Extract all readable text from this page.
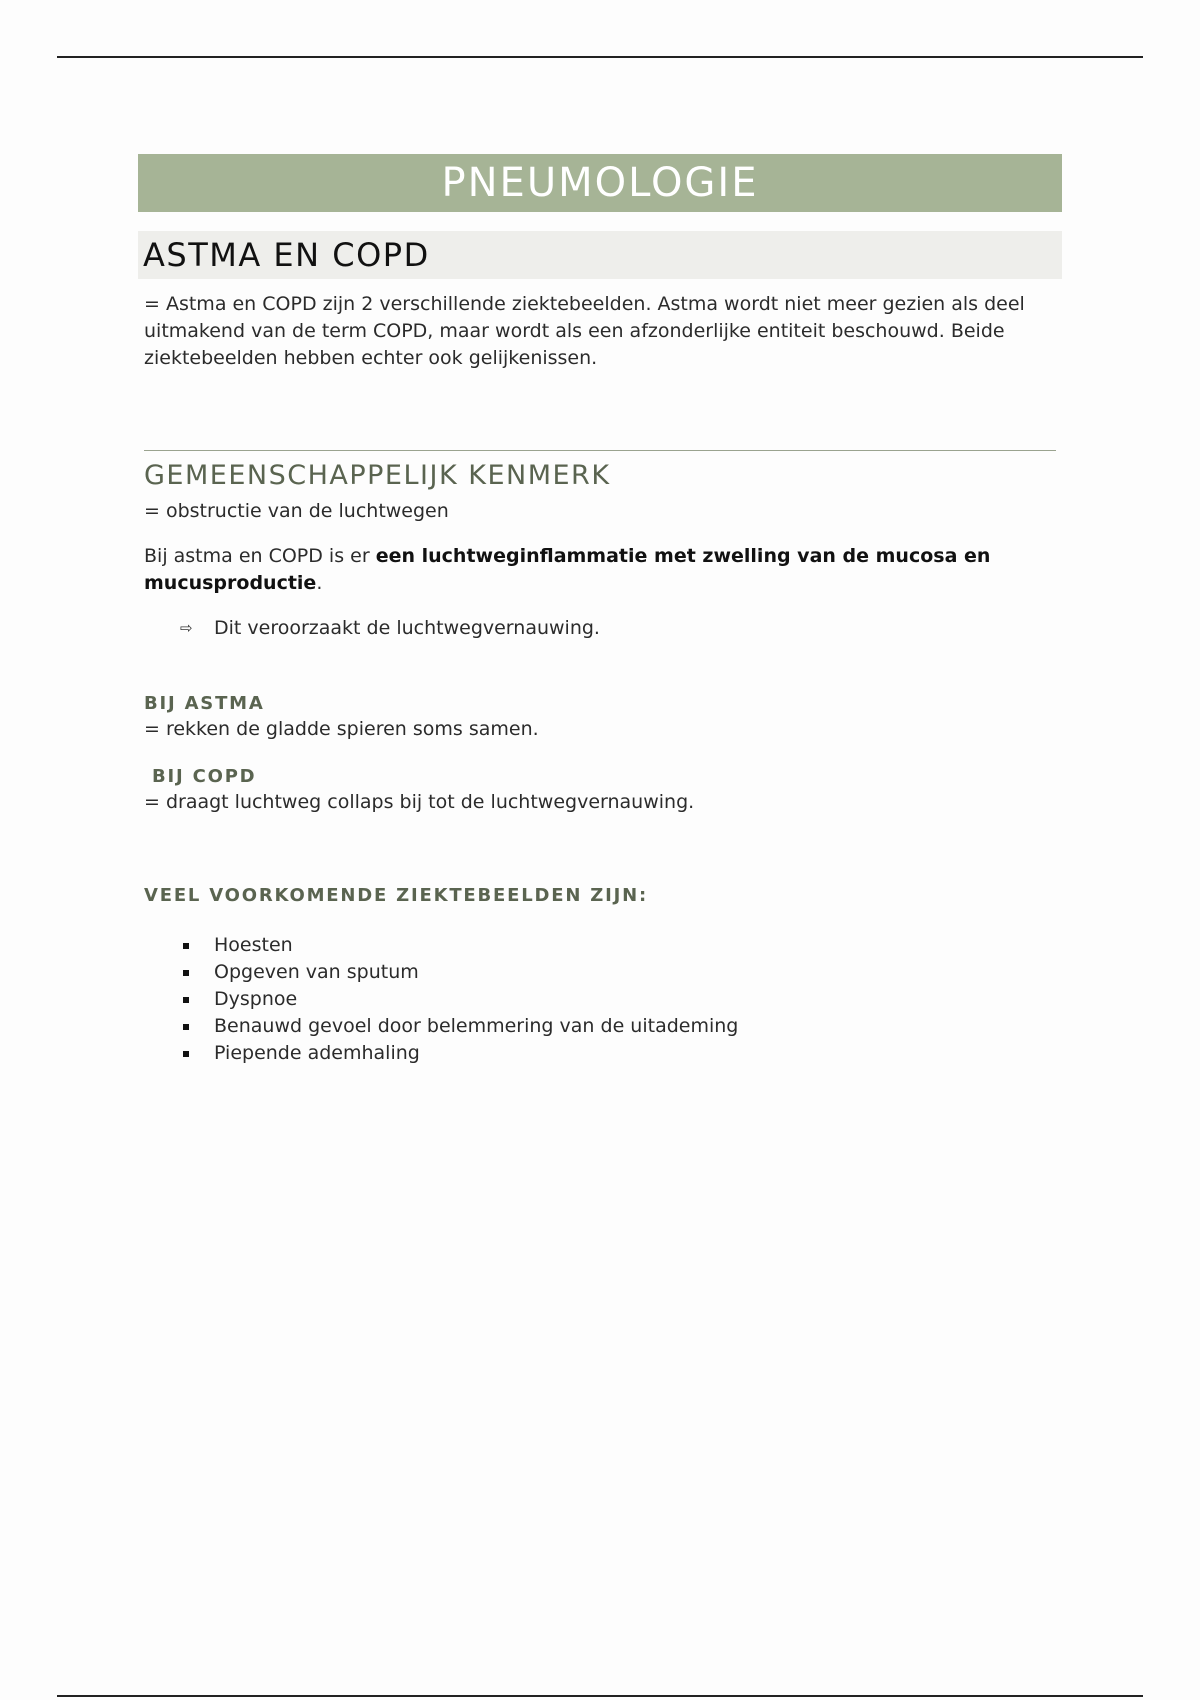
PNEUMOLOGIE
ASTMA EN COPD

= Astma en COPD zijn 2 verschillende ziektebeelden. Astma wordt niet meer gezien als deel uitmakend van de term COPD, maar wordt als een afzonderlijke entiteit beschouwd. Beide ziektebeelden hebben echter ook gelijkenissen.

GEMEENSCHAPPELIJK KENMERK

= obstructie van de luchtwegen

Bij astma en COPD is er een luchtweginflammatie met zwelling van de mucosa en mucusproductie.

⇨	Dit veroorzaakt de luchtwegvernauwing.
BIJ ASTMA

= rekken de gladde spieren soms samen.

BIJ COPD

= draagt luchtweg collaps bij tot de luchtwegvernauwing.

VEEL VOORKOMENDE ZIEKTEBEELDEN ZIJN:
Hoesten
Opgeven van sputum
Dyspnoe
Benauwd gevoel door belemmering van de uitademing
Piepende ademhaling
